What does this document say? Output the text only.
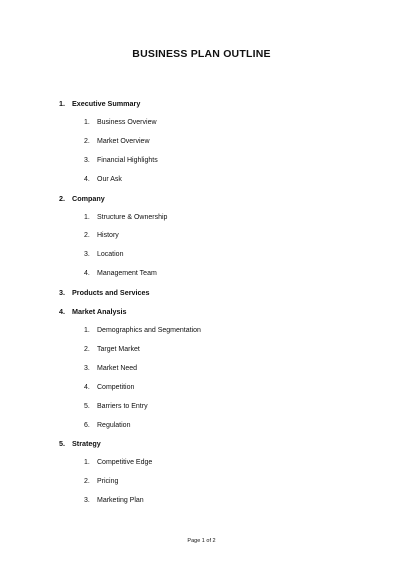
BUSINESS PLAN OUTLINE
1. Executive Summary
1. Business Overview
2. Market Overview
3. Financial Highlights
4. Our Ask
2. Company
1. Structure & Ownership
2. History
3. Location
4. Management Team
3. Products and Services
4. Market Analysis
1. Demographics and Segmentation
2. Target Market
3. Market Need
4. Competition
5. Barriers to Entry
6. Regulation
5. Strategy
1. Competitive Edge
2. Pricing
3. Marketing Plan
Page 1 of 2
